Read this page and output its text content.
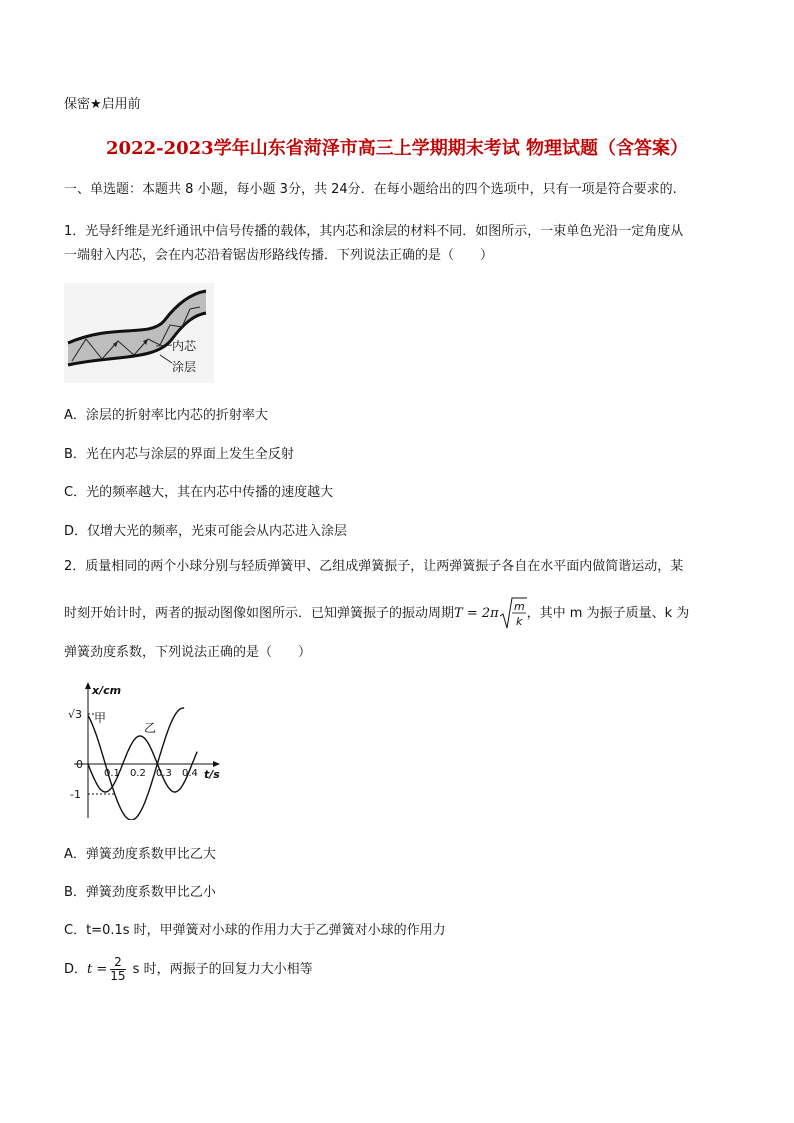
保密★启用前
2022-2023学年山东省菏泽市高三上学期期末考试 物理试题（含答案）
一、单选题：本题共 8 小题，每小题 3分，共 24分．在每小题给出的四个选项中，只有一项是符合要求的.
1．光导纤维是光纤通讯中信号传播的载体，其内芯和涂层的材料不同．如图所示，一束单色光沿一定角度从
一端射入内芯，会在内芯沿着锯齿形路线传播．下列说法正确的是（　　）
内芯
涂层
A．涂层的折射率比内芯的折射率大
B．光在内芯与涂层的界面上发生全反射
C．光的频率越大，其在内芯中传播的速度越大
D．仅增大光的频率，光束可能会从内芯进入涂层
2．质量相同的两个小球分别与轻质弹簧甲、乙组成弹簧振子，让两弹簧振子各自在水平面内做简谐运动，某
时刻开始计时，两者的振动图像如图所示．已知弹簧振子的振动周期T = 2π m
k
，其中 m 为振子质量、k 为
弹簧劲度系数，下列说法正确的是（　　）
x/cm
t/s
√3
0
-1
0.1 0.2 0.3 0.4
甲
乙
A．弹簧劲度系数甲比乙大
B．弹簧劲度系数甲比乙小
C．t=0.1s 时，甲弹簧对小球的作用力大于乙弹簧对小球的作用力
D．$t = \frac{2}{15}$ s 时，两振子的回复力大小相等
